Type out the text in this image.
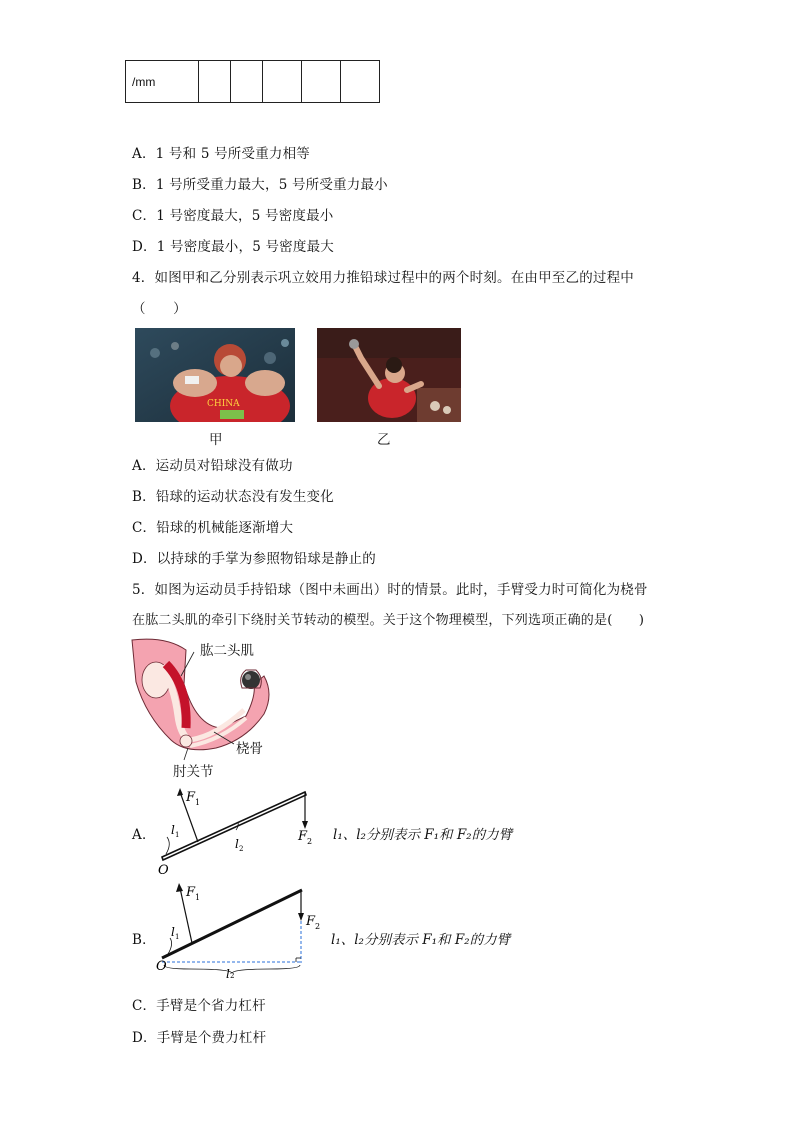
/mm					
A．1 号和 5 号所受重力相等
B．1 号所受重力最大，5 号所受重力最小
C．1 号密度最大，5 号密度最小
D．1 号密度最小，5 号密度最大
4．如图甲和乙分别表示巩立姣用力推铅球过程中的两个时刻。在由甲至乙的过程中
（　　）
CHINA
甲	乙
A．运动员对铅球没有做功
B．铅球的运动状态没有发生变化
C．铅球的机械能逐渐增大
D．以持球的手掌为参照物铅球是静止的
5．如图为运动员手持铅球（图中未画出）时的情景。此时，手臂受力时可简化为桡骨
在肱二头肌的牵引下绕肘关节转动的模型。关于这个物理模型，下列选项正确的是(　　)
肱二头肌
桡骨
肘关节
A．
F 1
F 2
l 1
l 2
O
l₁、l₂分别表示 F₁和 F₂的力臂
B．
F 1
F 2
l 1
l 2
O
l₁、l₂分别表示 F₁和 F₂的力臂
C．手臂是个省力杠杆
D．手臂是个费力杠杆
